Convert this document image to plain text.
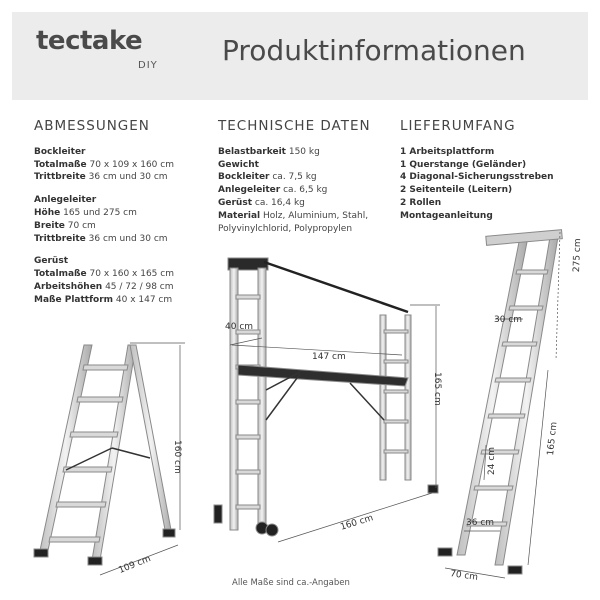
tectake
DIY Produktinformationen
ABMESSUNGEN
Bockleiter
Totalmaße 70 x 109 x 160 cm
Trittbreite 36 cm und 30 cm
Anlegeleiter
Höhe 165 und 275 cm
Breite 70 cm
Trittbreite 36 cm und 30 cm
Gerüst
Totalmaße 70 x 160 x 165 cm
Arbeitshöhen 45 / 72 / 98 cm
Maße Plattform 40 x 147 cm
TECHNISCHE DATEN
Belastbarkeit 150 kg
Gewicht
Bockleiter ca. 7,5 kg
Anlegeleiter ca. 6,5 kg
Gerüst ca. 16,4 kg
Material Holz, Aluminium, Stahl,
Polyvinylchlorid, Polypropylen
LIEFERUMFANG
1 Arbeitsplattform
1 Querstange (Geländer)
4 Diagonal-Sicherungsstreben
2 Seitenteile (Leitern)
2 Rollen
Montageanleitung
160 cm
109 cm
40 cm
147 cm
165 cm
160 cm
275 cm
30 cm
165 cm
24 cm
36 cm
70 cm
Alle Maße sind ca.-Angaben
